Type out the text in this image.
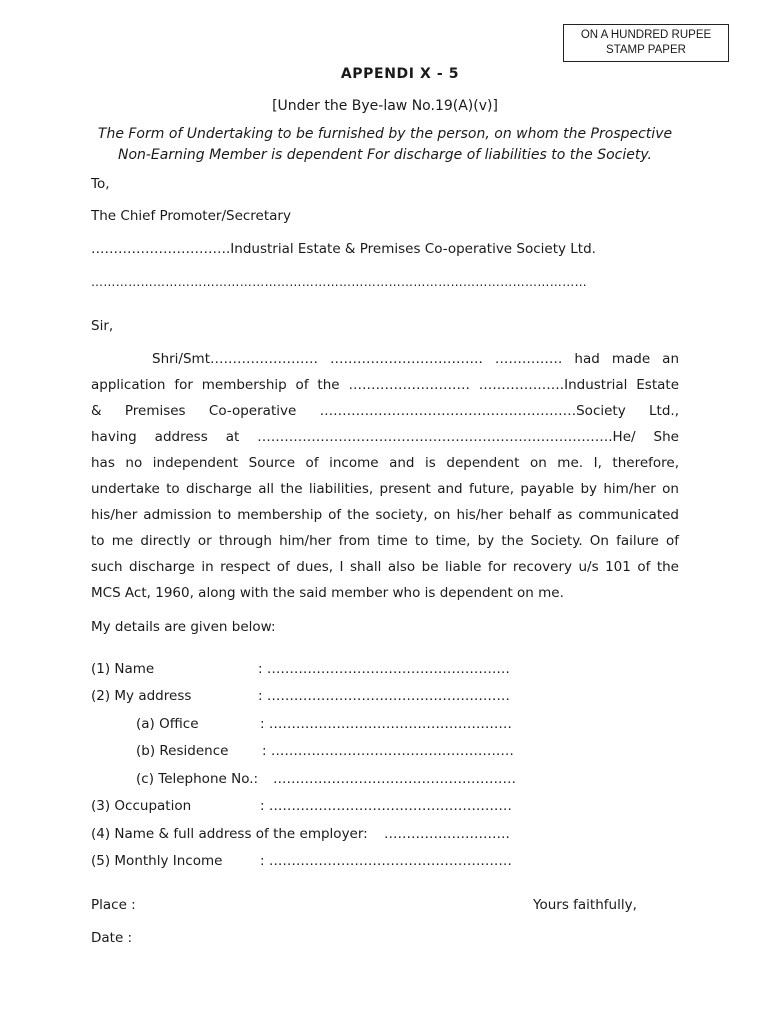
ON A HUNDRED RUPEE
STAMP PAPER
APPENDI X - 5
[Under the Bye-law No.19(A)(v)]
The Form of Undertaking to be furnished by the person, on whom the Prospective
Non-Earning Member is dependent For discharge of liabilities to the Society.
To,
The Chief Promoter/Secretary
………………………….Industrial Estate & Premises Co-operative Society Ltd.
…………………………………………………………………………………………………………
Sir,
Shri/Smt…………………… ……………………………. …………… had made an
application for membership of the ……………………… ……………….Industrial Estate
& Premises Co-operative …………………………………………………Society Ltd.,
having address at …………………………………………………………………….He/ She
has no independent Source of income and is dependent on me. I, therefore,
undertake to discharge all the liabilities, present and future, payable by him/her on
his/her admission to membership of the society, on his/her behalf as communicated
to me directly or through him/her from time to time, by the Society. On failure of
such discharge in respect of dues, I shall also be liable for recovery u/s 101 of the
MCS Act, 1960, along with the said member who is dependent on me.
My details are given below:
(1) Name	: ………………………………………………
(2) My address	: ………………………………………………
(a) Office	: ………………………………………………
(b) Residence : ………………………………………………
(c) Telephone No.: ………………………………………………
(3) Occupation	: ………………………………………………
(4) Name & full address of the employer: ……………………….
(5) Monthly Income	: ………………………………………………
Place :	Yours faithfully,
Date :
